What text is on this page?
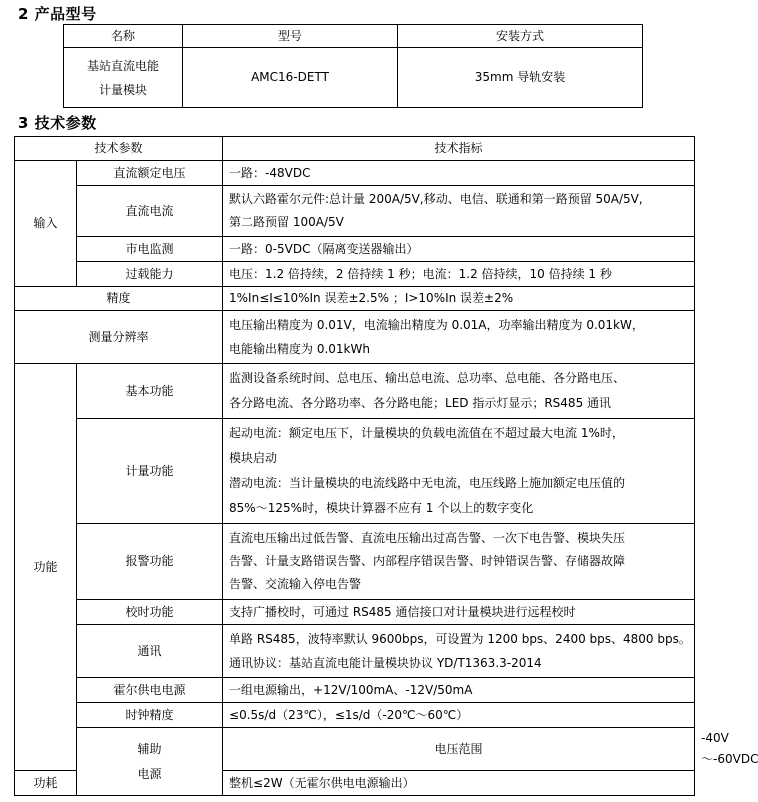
2 产品型号
名称	型号	安装方式

基站直流电能
计量模块	AMC16-DETT	35mm 导轨安装
3 技术参数
技术参数		技术指标	
输入	直流额定电压	一路：-48VDC	
	直流电流	默认六路霍尔元件:总计量 200A/5V,移动、电信、联通和第一路预留 50A/5V,
第二路预留 100A/5V	

	市电监测	一路：0-5VDC（隔离变送器输出）	
	过载能力	电压：1.2 倍持续，2 倍持续 1 秒；电流：1.2 倍持续，10 倍持续 1 秒	
精度		1%In≤I≤10%In 误差±2.5% ；I>10%In 误差±2%	
测量分辨率		电压输出精度为 0.01V，电流输出精度为 0.01A，功率输出精度为 0.01kW，
电能输出精度为 0.01kWh	

功能	基本功能	监测设备系统时间、总电压、输出总电流、总功率、总电能、各分路电压、
各分路电流、各分路功率、各分路电能；LED 指示灯显示；RS485 通讯	

	计量功能	起动电流：额定电压下，计量模块的负载电流值在不超过最大电流 1%时，
模块启动
潜动电流：当计量模块的电流线路中无电流，电压线路上施加额定电压值的
85%～125%时，模块计算器不应有 1 个以上的数字变化	

	报警功能	直流电压输出过低告警、直流电压输出过高告警、一次下电告警、模块失压
告警、计量支路错误告警、内部程序错误告警、时钟错误告警、存储器故障
告警、交流输入停电告警	

	校时功能	支持广播校时，可通过 RS485 通信接口对计量模块进行远程校时	
	通讯	单路 RS485，波特率默认 9600bps，可设置为 1200 bps、2400 bps、4800 bps。
通讯协议：基站直流电能计量模块协议 YD/T1363.3-2014	

	霍尔供电电源	一组电源输出，+12V/100mA、-12V/50mA	
	时钟精度	≤0.5s/d（23℃），≤1s/d（-20℃～60℃）	

	辅助
电源	电压范围	-40V～-60VDC
功耗		整机≤2W（无霍尔供电电源输出）	
